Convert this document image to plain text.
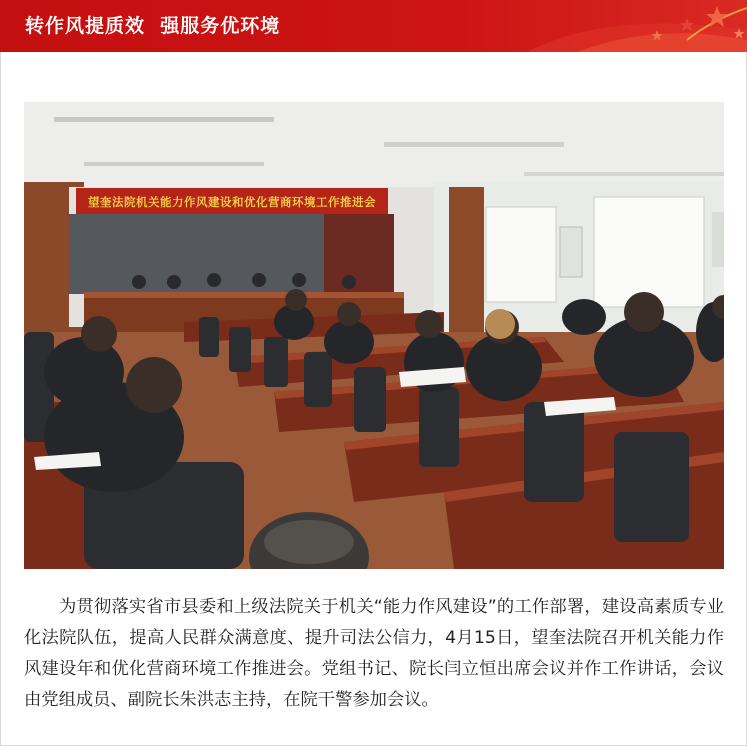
转作风提质效  强服务优环境
望奎法院机关能力作风建设和优化营商环境工作推进会

为贯彻落实省市县委和上级法院关于机关“能力作风建设”的工作部署，建设高素质专业化法院队伍，提高人民群众满意度、提升司法公信力，4月15日，望奎法院召开机关能力作风建设年和优化营商环境工作推进会。党组书记、院长闫立恒出席会议并作工作讲话，会议由党组成员、副院长朱洪志主持，在院干警参加会议。
